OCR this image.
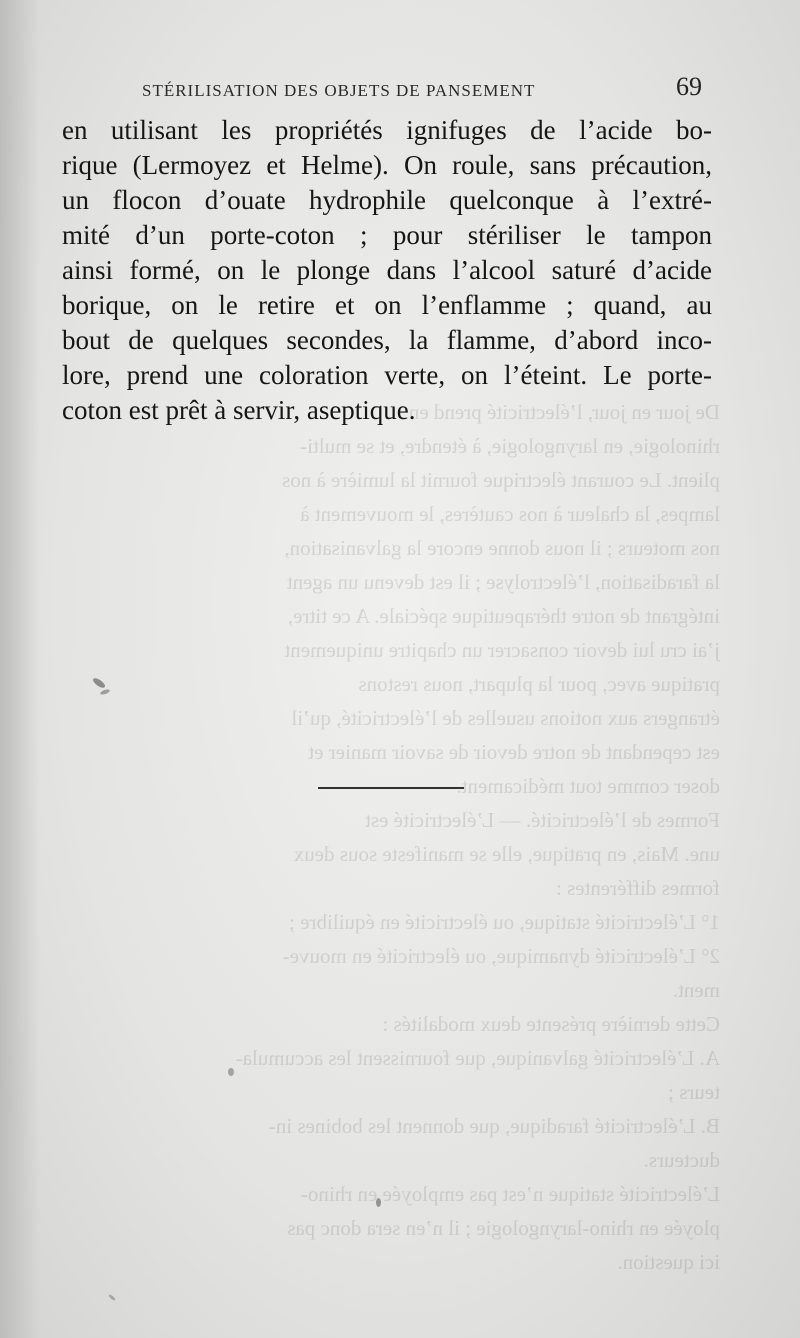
De jour en jour, l’électricité prend en
rhinologie, en laryngologie, à étendre, et se multi-
plient. Le courant électrique fournit la lumière à nos
lampes, la chaleur à nos cautères, le mouvement à
nos moteurs ; il nous donne encore la galvanisation,
la faradisation, l’électrolyse ; il est devenu un agent
intégrant de notre thérapeutique spéciale. A ce titre,
j’ai cru lui devoir consacrer un chapitre uniquement
pratique avec, pour la plupart, nous restons
étrangers aux notions usuelles de l’électricité, qu’il
est cependant de notre devoir de savoir manier et
doser comme tout médicament.
Formes de l’électricité. — L’électricité est
une. Mais, en pratique, elle se manifeste sous deux
formes différentes :
1° L’électricité statique, ou électricité en équilibre ;
2° L’électricité dynamique, ou électricité en mouve-
ment.
Cette dernière présente deux modalités :
A. L’électricité galvanique, que fournissent les accumula-
teurs ;
B. L’électricité faradique, que donnent les bobines in-
ducteurs.
L’électricité statique n’est pas employée en rhino-
ployée en rhino-laryngologie ; il n’en sera donc pas
ici question.
STÉRILISATION DES OBJETS DE PANSEMENT	69
en utilisant les propriétés ignifuges de l’acide bo-
rique (Lermoyez et Helme). On roule, sans précaution,
un flocon d’ouate hydrophile quelconque à l’extré-
mité d’un porte-coton ; pour stériliser le tampon
ainsi formé, on le plonge dans l’alcool saturé d’acide
borique, on le retire et on l’enflamme ; quand, au
bout de quelques secondes, la flamme, d’abord inco-
lore, prend une coloration verte, on l’éteint. Le porte-
coton est prêt à servir, aseptique.
